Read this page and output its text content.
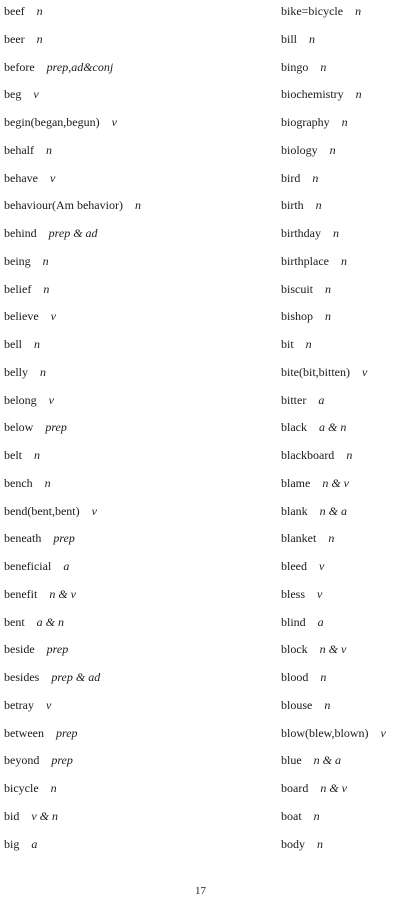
beef n
beer n
before prep,ad&conj
beg v
begin(began,begun) v
behalf n
behave v
behaviour(Am behavior) n
behind prep & ad
being n
belief n
believe v
bell n
belly n
belong v
below prep
belt n
bench n
bend(bent,bent) v
beneath prep
beneficial a
benefit n & v
bent a & n
beside prep
besides prep & ad
betray v
between prep
beyond prep
bicycle n
bid v & n
big a
bike=bicycle n
bill n
bingo n
biochemistry n
biography n
biology n
bird n
birth n
birthday n
birthplace n
biscuit n
bishop n
bit n
bite(bit,bitten) v
bitter a
black a & n
blackboard n
blame n & v
blank n & a
blanket n
bleed v
bless v
blind a
block n & v
blood n
blouse n
blow(blew,blown) v
blue n & a
board n & v
boat n
body n
17
